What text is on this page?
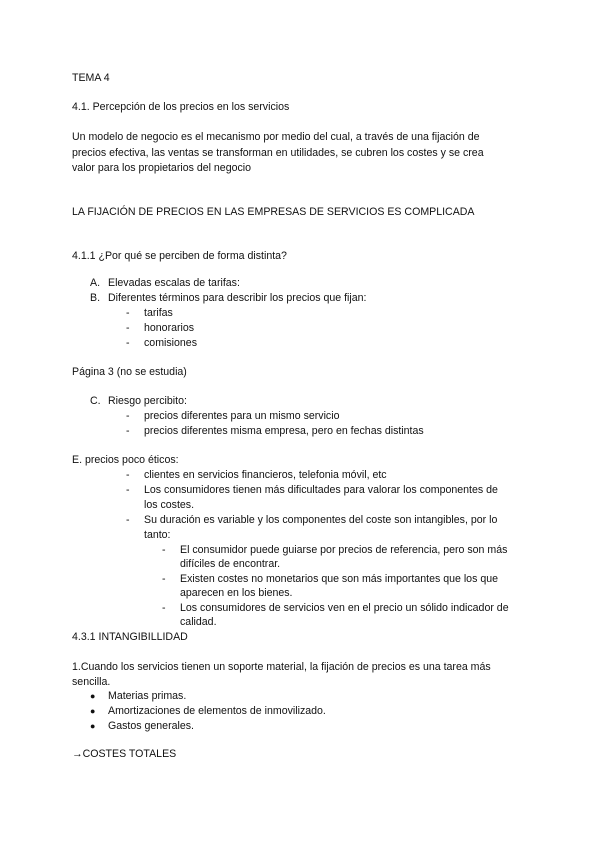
TEMA 4
4.1. Percepción de los precios en los servicios
Un modelo de negocio es el mecanismo por medio del cual, a través de una fijación de
precios efectiva, las ventas se transforman en utilidades, se cubren los costes y se crea
valor para los propietarios del negocio
LA FIJACIÓN DE PRECIOS EN LAS EMPRESAS DE SERVICIOS ES COMPLICADA
4.1.1 ¿Por qué se perciben de forma distinta?
A. Elevadas escalas de tarifas:
B. Diferentes términos para describir los precios que fijan:
- tarifas
- honorarios
- comisiones
Página 3 (no se estudia)
C. Riesgo percibito:
- precios diferentes para un mismo servicio
- precios diferentes misma empresa, pero en fechas distintas
E. precios poco éticos:
- clientes en servicios financieros, telefonia móvil, etc
- Los consumidores tienen más dificultades para valorar los componentes de
los costes.
- Su duración es variable y los componentes del coste son intangibles, por lo
tanto:
- El consumidor puede guiarse por precios de referencia, pero son más
difíciles de encontrar.
- Existen costes no monetarios que son más importantes que los que
aparecen en los bienes.
- Los consumidores de servicios ven en el precio un sólido indicador de
calidad.
4.3.1 INTANGIBILLIDAD
1.Cuando los servicios tienen un soporte material, la fijación de precios es una tarea más
sencilla.
● Materias primas.
● Amortizaciones de elementos de inmovilizado.
● Gastos generales.
→COSTES TOTALES
